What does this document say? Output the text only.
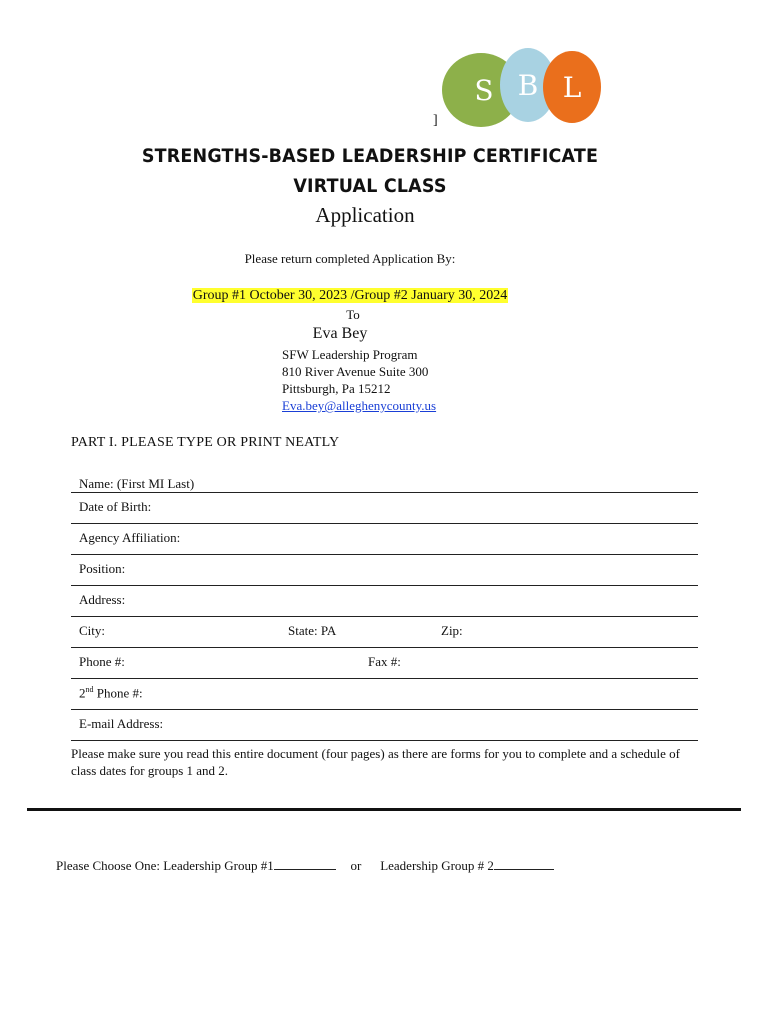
S B L
]
STRENGTHS-BASED LEADERSHIP CERTIFICATE
VIRTUAL CLASS
Application
Please return completed Application By:
Group #1 October 30, 2023 /Group #2 January 30, 2024
To
Eva Bey
SFW Leadership Program
810 River Avenue Suite 300
Pittsburgh, Pa 15212
Eva.bey@alleghenycounty.us
PART I. PLEASE TYPE OR PRINT NEATLY
Name: (First MI Last)
Date of Birth:
Agency Affiliation:
Position:
Address:
City:	State: PA	Zip:
Phone #:	Fax #:
2nd Phone #:
E-mail Address:
Please make sure you read this entire document (four pages) as there are forms for you to complete and a schedule of class dates for groups 1 and 2.
Please Choose One: Leadership Group #1	or Leadership Group # 2
